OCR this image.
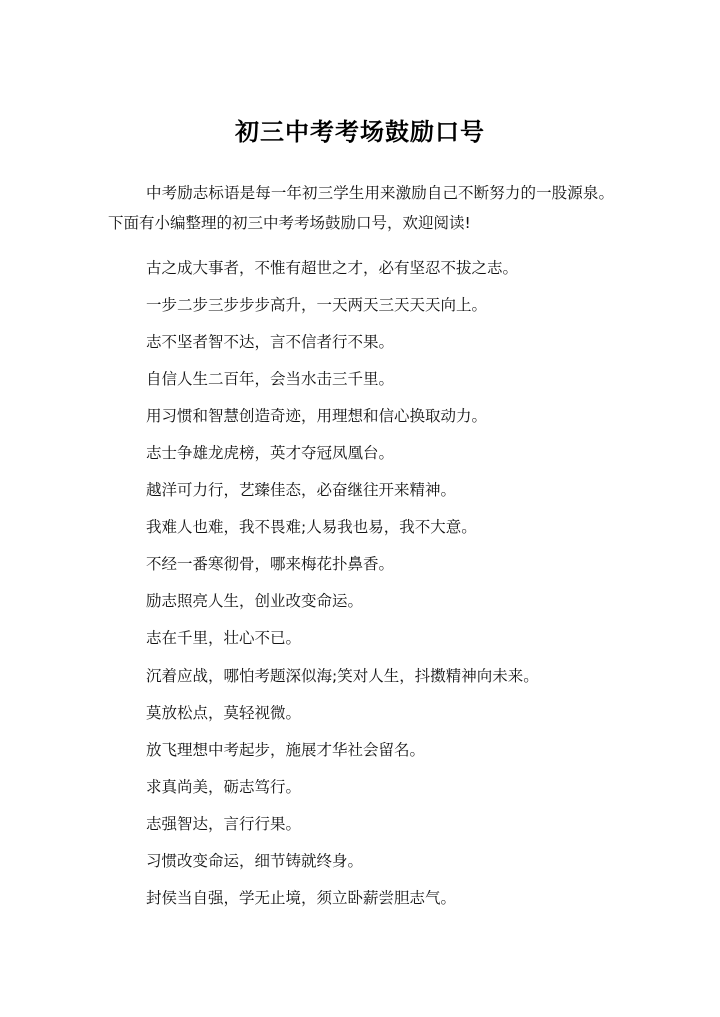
初三中考考场鼓励口号

中考励志标语是每一年初三学生用来激励自己不断努力的一股源泉。下面有小编整理的初三中考考场鼓励口号，欢迎阅读!

古之成大事者，不惟有超世之才，必有坚忍不拔之志。
一步二步三步步步高升，一天两天三天天天向上。
志不坚者智不达，言不信者行不果。
自信人生二百年，会当水击三千里。
用习惯和智慧创造奇迹，用理想和信心换取动力。
志士争雄龙虎榜，英才夺冠凤凰台。
越洋可力行，艺臻佳态，必奋继往开来精神。
我难人也难，我不畏难;人易我也易，我不大意。
不经一番寒彻骨，哪来梅花扑鼻香。
励志照亮人生，创业改变命运。
志在千里，壮心不已。
沉着应战，哪怕考题深似海;笑对人生，抖擞精神向未来。
莫放松点，莫轻视微。
放飞理想中考起步，施展才华社会留名。
求真尚美，砺志笃行。
志强智达，言行行果。
习惯改变命运，细节铸就终身。
封侯当自强，学无止境，须立卧薪尝胆志气。
